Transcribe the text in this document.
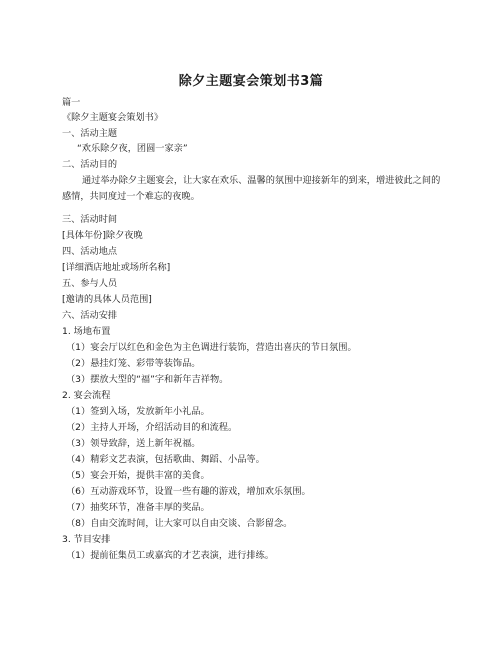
除夕主题宴会策划书3篇
篇一
《除夕主题宴会策划书》
一、活动主题
“欢乐除夕夜，团圆一家亲”
二、活动目的
通过举办除夕主题宴会，让大家在欢乐、温馨的氛围中迎接新年的到来，增进彼此之间的感情，共同度过一个难忘的夜晚。
三、活动时间
[具体年份]除夕夜晚
四、活动地点
[详细酒店地址或场所名称]
五、参与人员
[邀请的具体人员范围]
六、活动安排
1. 场地布置
（1）宴会厅以红色和金色为主色调进行装饰，营造出喜庆的节日氛围。
（2）悬挂灯笼、彩带等装饰品。
（3）摆放大型的“福”字和新年吉祥物。
2. 宴会流程
（1）签到入场，发放新年小礼品。
（2）主持人开场，介绍活动目的和流程。
（3）领导致辞，送上新年祝福。
（4）精彩文艺表演，包括歌曲、舞蹈、小品等。
（5）宴会开始，提供丰富的美食。
（6）互动游戏环节，设置一些有趣的游戏，增加欢乐氛围。
（7）抽奖环节，准备丰厚的奖品。
（8）自由交流时间，让大家可以自由交谈、合影留念。
3. 节目安排
（1）提前征集员工或嘉宾的才艺表演，进行排练。
